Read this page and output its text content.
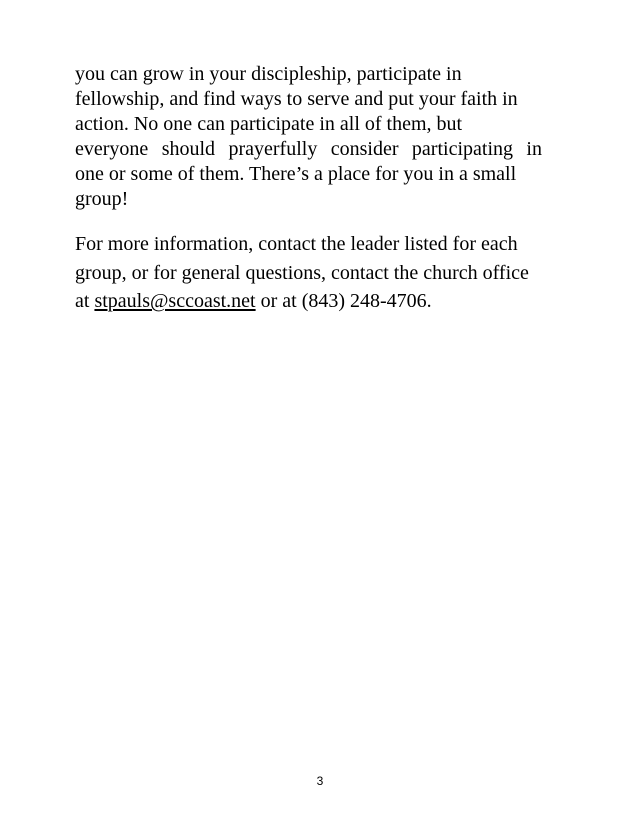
you can grow in your discipleship, participate in
fellowship, and find ways to serve and put your faith in
action. No one can participate in all of them, but
everyone should prayerfully consider participating in
one or some of them. There’s a place for you in a small
group!
For more information, contact the leader listed for each
group, or for general questions, contact the church office
at stpauls@sccoast.net or at (843) 248-4706.
3
